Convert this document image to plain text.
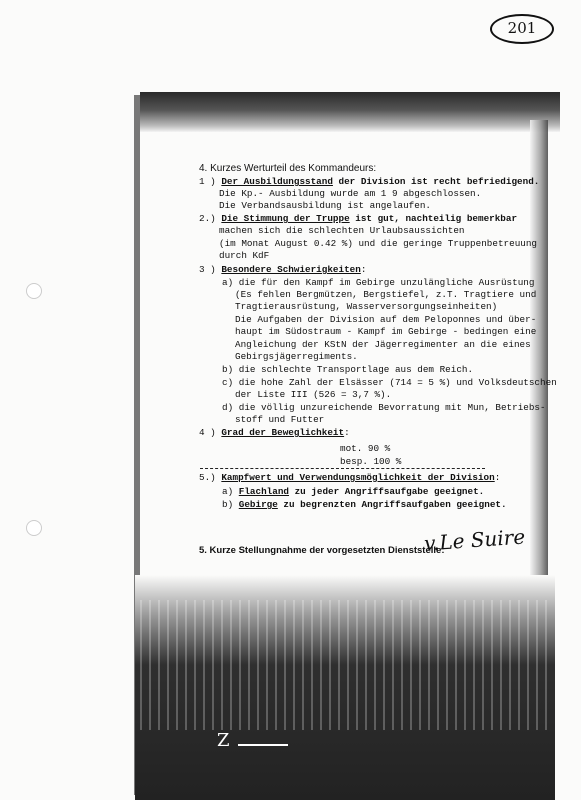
Z
201
4. Kurzes Werturteil des Kommandeurs:
1 ) Der Ausbildungsstand der Division ist recht befriedigend.
Die Kp.- Ausbildung wurde am 1 9 abgeschlossen.
Die Verbandsausbildung ist angelaufen.
2.) Die Stimmung der Truppe ist gut, nachteilig bemerkbar
machen sich die schlechten Urlaubsaussichten
(im Monat August 0.42 %) und die geringe Truppenbetreuung
durch KdF
3 ) Besondere Schwierigkeiten:
a) die für den Kampf im Gebirge unzulängliche Ausrüstung
(Es fehlen Bergmützen, Bergstiefel, z.T. Tragtiere und
Tragtierausrüstung, Wasserversorgungseinheiten)
Die Aufgaben der Division auf dem Peloponnes und über-
haupt im Südostraum - Kampf im Gebirge - bedingen eine
Angleichung der KStN der Jägerregimenter an die eines
Gebirgsjägerregiments.
b) die schlechte Transportlage aus dem Reich.
c) die hohe Zahl der Elsässer (714 = 5 %) und Volksdeutschen
der Liste III (526 = 3,7 %).
d) die völlig unzureichende Bevorratung mit Mun, Betriebs-
stoff und Futter
4 ) Grad der Beweglichkeit:
mot. 90 %
besp. 100 %
5.) Kampfwert und Verwendungsmöglichkeit der Division:
a) Flachland zu jeder Angriffsaufgabe geeignet.
b) Gebirge zu begrenzten Angriffsaufgaben geeignet.
5. Kurze Stellungnahme der vorgesetzten Dienststelle:
v.Le Suire
